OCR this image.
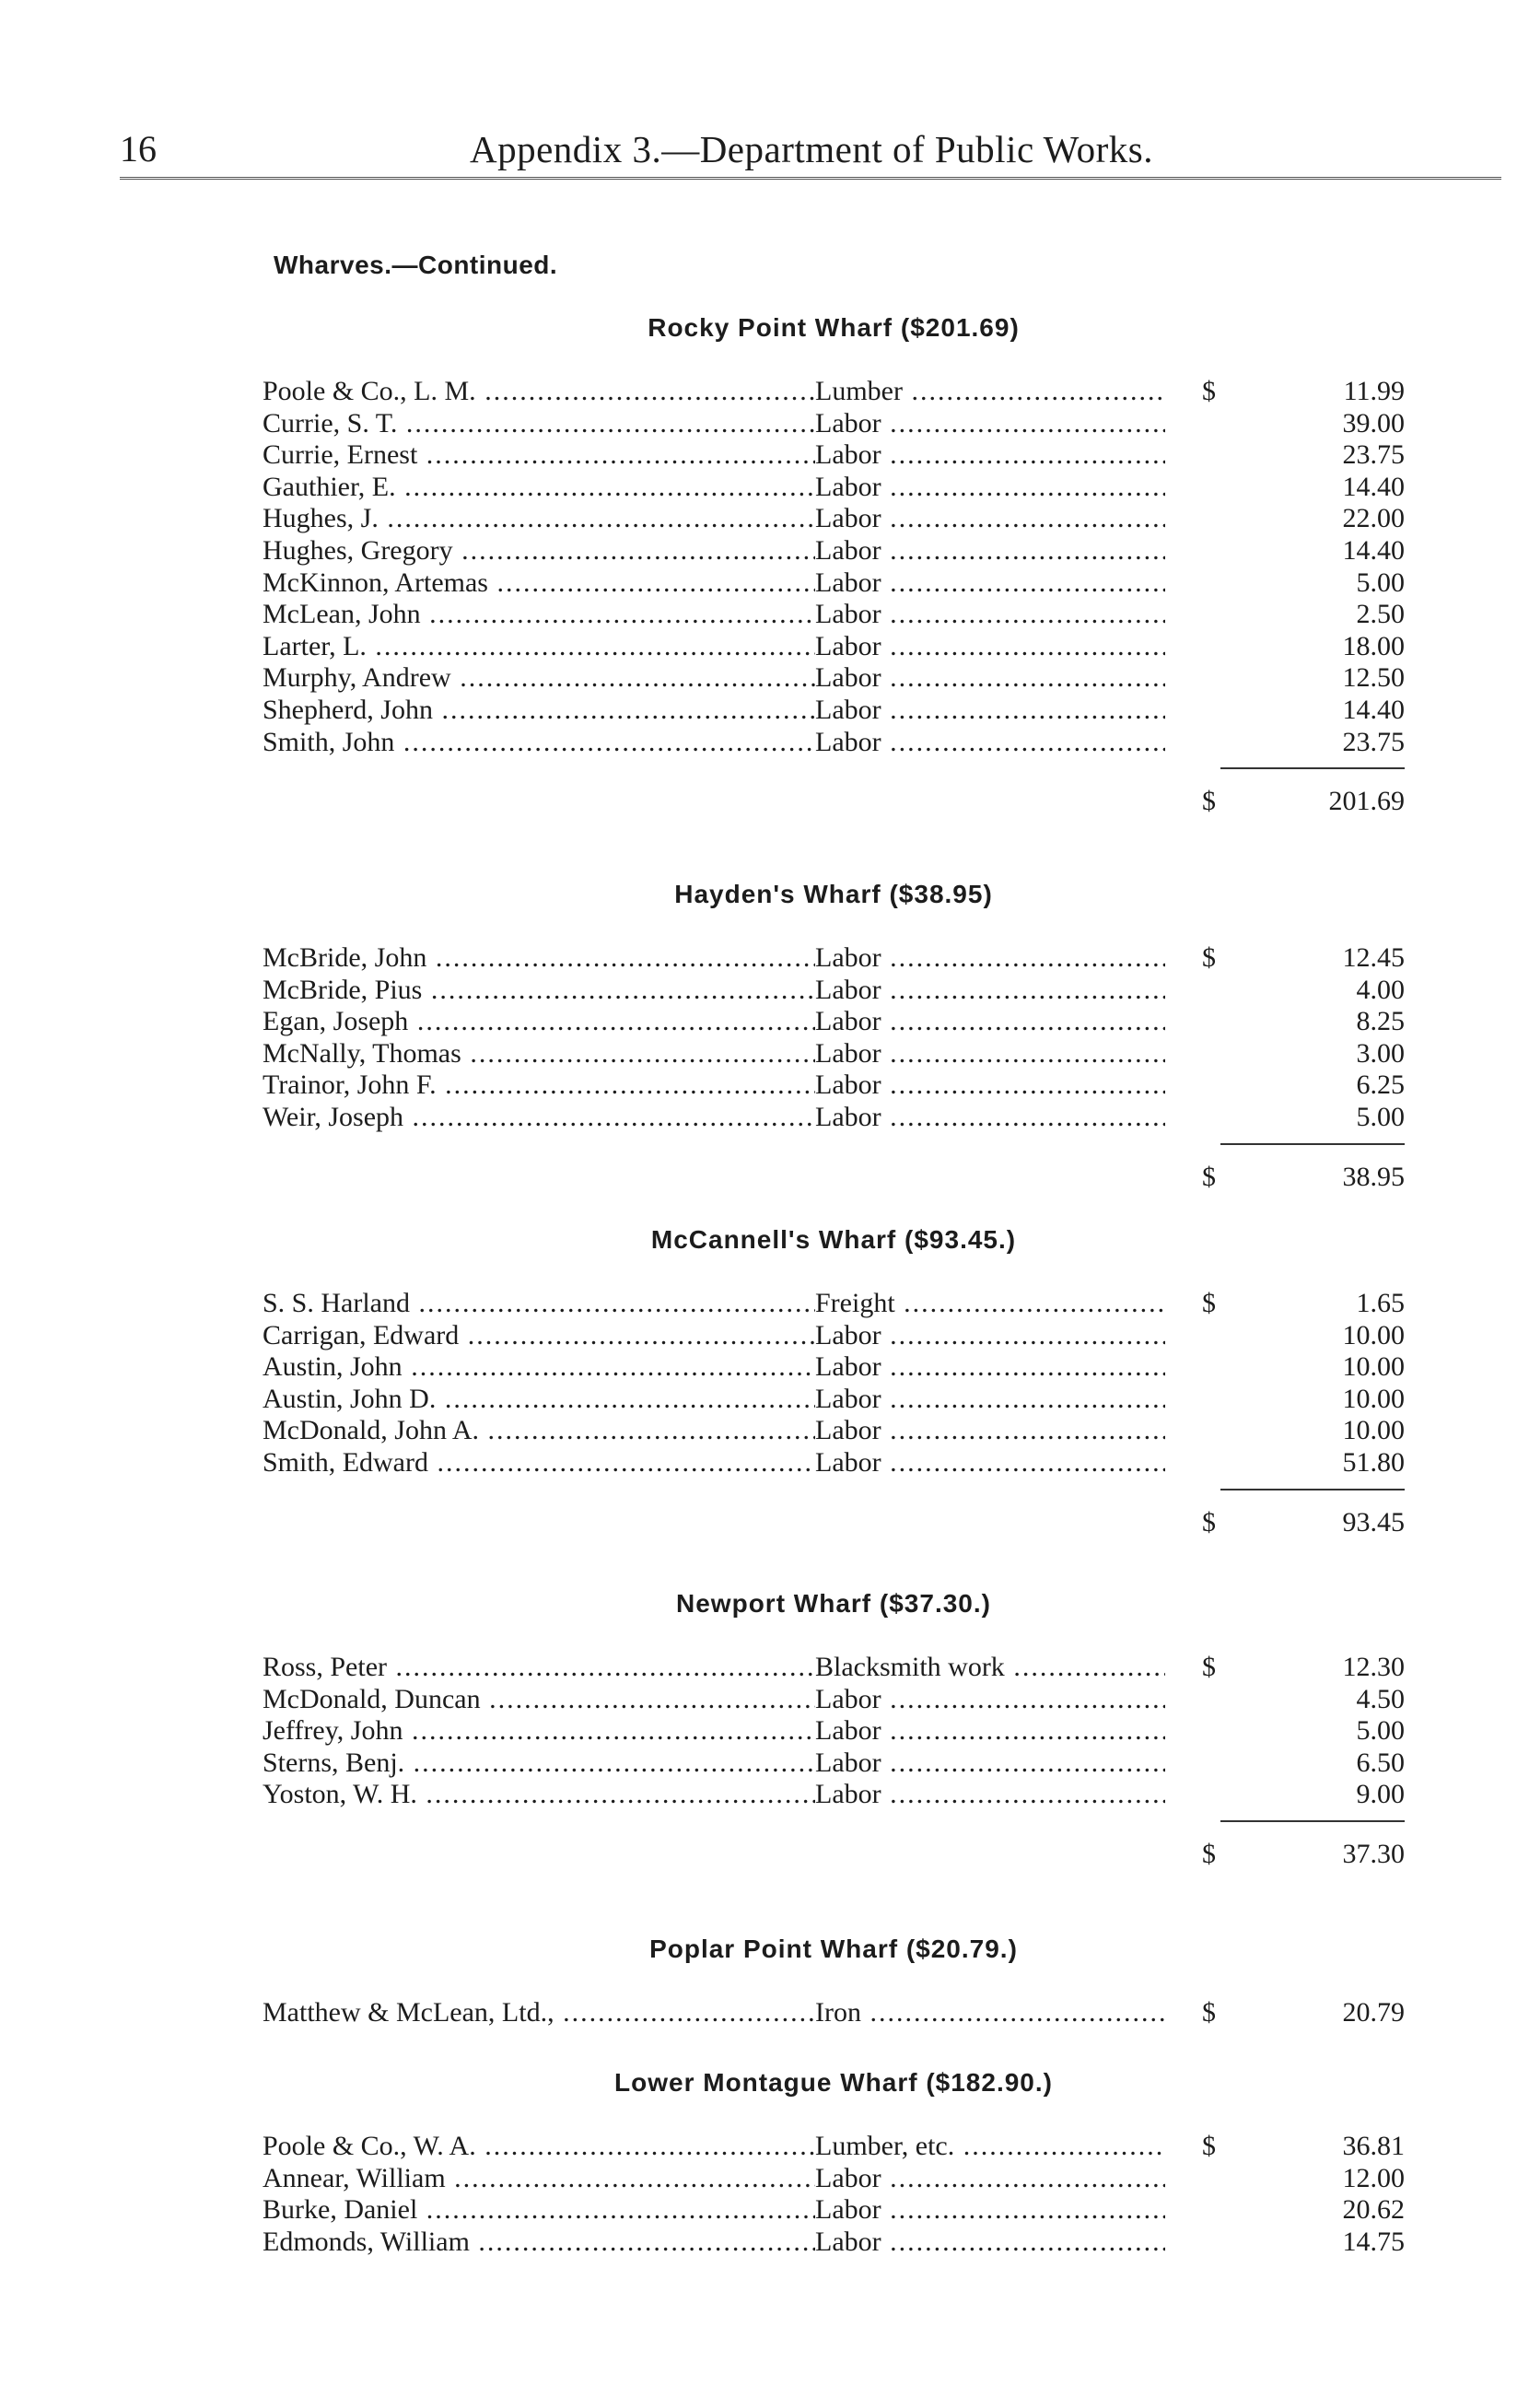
16	Appendix 3.—Department of Public Works.
Wharves.—Continued.
Rocky Point Wharf ($201.69)
Poole & Co., L. M. .....	Lumber .....	$	11.99
Currie, S. T. .....	Labor .....	39.00
Currie, Ernest .....	Labor .....	23.75
Gauthier, E. .....	Labor .....	14.40
Hughes, J. .....	Labor .....	22.00
Hughes, Gregory .....	Labor .....	14.40
McKinnon, Artemas .....	Labor .....	5.00
McLean, John .....	Labor .....	2.50
Larter, L. .....	Labor .....	18.00
Murphy, Andrew .....	Labor .....	12.50
Shepherd, John .....	Labor .....	14.40
Smith, John .....	Labor .....	23.75
$	201.69
Hayden's Wharf ($38.95)
McBride, John .....	Labor .....	$	12.45
McBride, Pius .....	Labor .....	4.00
Egan, Joseph .....	Labor .....	8.25
McNally, Thomas .....	Labor .....	3.00
Trainor, John F. .....	Labor .....	6.25
Weir, Joseph .....	Labor .....	5.00
$	38.95
McCannell's Wharf ($93.45.)
S. S. Harland .....	Freight .....	$	1.65
Carrigan, Edward .....	Labor .....	10.00
Austin, John .....	Labor .....	10.00
Austin, John D. .....	Labor .....	10.00
McDonald, John A. .....	Labor .....	10.00
Smith, Edward .....	Labor .....	51.80
$	93.45
Newport Wharf ($37.30.)
Ross, Peter .....	Blacksmith work .....	$	12.30
McDonald, Duncan .....	Labor .....	4.50
Jeffrey, John .....	Labor .....	5.00
Sterns, Benj. .....	Labor .....	6.50
Yoston, W. H. .....	Labor .....	9.00
$	37.30
Poplar Point Wharf ($20.79.)
Matthew & McLean, Ltd., .....	Iron .....	$	20.79
Lower Montague Wharf ($182.90.)
Poole & Co., W. A. .....	Lumber, etc. .....	$	36.81
Annear, William .....	Labor .....	12.00
Burke, Daniel .....	Labor .....	20.62
Edmonds, William .....	Labor .....	14.75
